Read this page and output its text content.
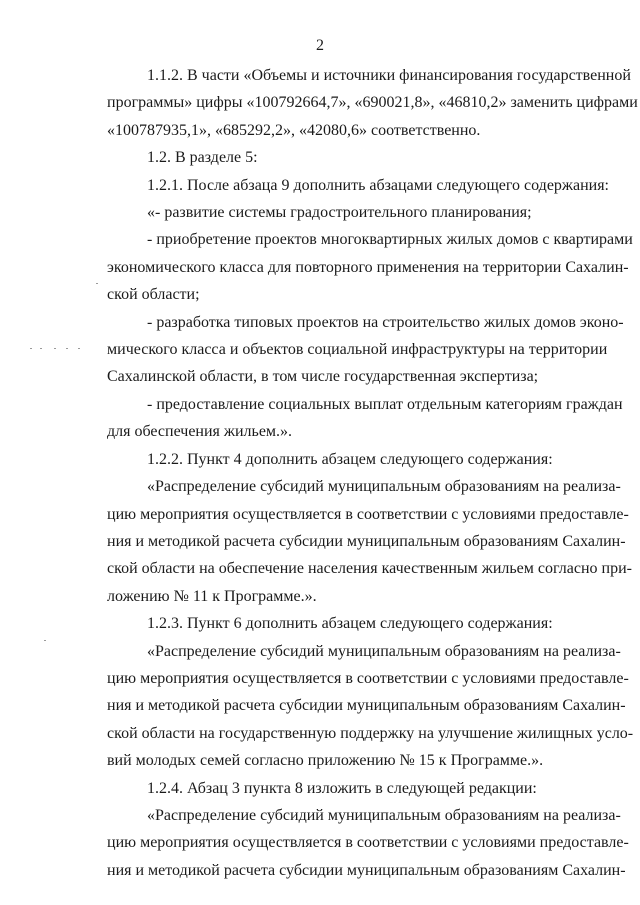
2
1.1.2. В части «Объемы и источники финансирования государственной
программы» цифры «100792664,7», «690021,8», «46810,2» заменить цифрами
«100787935,1», «685292,2», «42080,6» соответственно.
1.2. В разделе 5:
1.2.1. После абзаца 9 дополнить абзацами следующего содержания:
«- развитие системы градостроительного планирования;
- приобретение проектов многоквартирных жилых домов с квартирами
экономического класса для повторного применения на территории Сахалин-
ской области;
- разработка типовых проектов на строительство жилых домов эконо-
мического класса и объектов социальной инфраструктуры на территории
Сахалинской области, в том числе государственная экспертиза;
- предоставление социальных выплат отдельным категориям граждан
для обеспечения жильем.».
1.2.2. Пункт 4 дополнить абзацем следующего содержания:
«Распределение субсидий муниципальным образованиям на реализа-
цию мероприятия осуществляется в соответствии с условиями предоставле-
ния и методикой расчета субсидии муниципальным образованиям Сахалин-
ской области на обеспечение населения качественным жильем согласно при-
ложению № 11 к Программе.».
1.2.3. Пункт 6 дополнить абзацем следующего содержания:
«Распределение субсидий муниципальным образованиям на реализа-
цию мероприятия осуществляется в соответствии с условиями предоставле-
ния и методикой расчета субсидии муниципальным образованиям Сахалин-
ской области на государственную поддержку на улучшение жилищных усло-
вий молодых семей согласно приложению № 15 к Программе.».
1.2.4. Абзац 3 пункта 8 изложить в следующей редакции:
«Распределение субсидий муниципальным образованиям на реализа-
цию мероприятия осуществляется в соответствии с условиями предоставле-
ния и методикой расчета субсидии муниципальным образованиям Сахалин-
